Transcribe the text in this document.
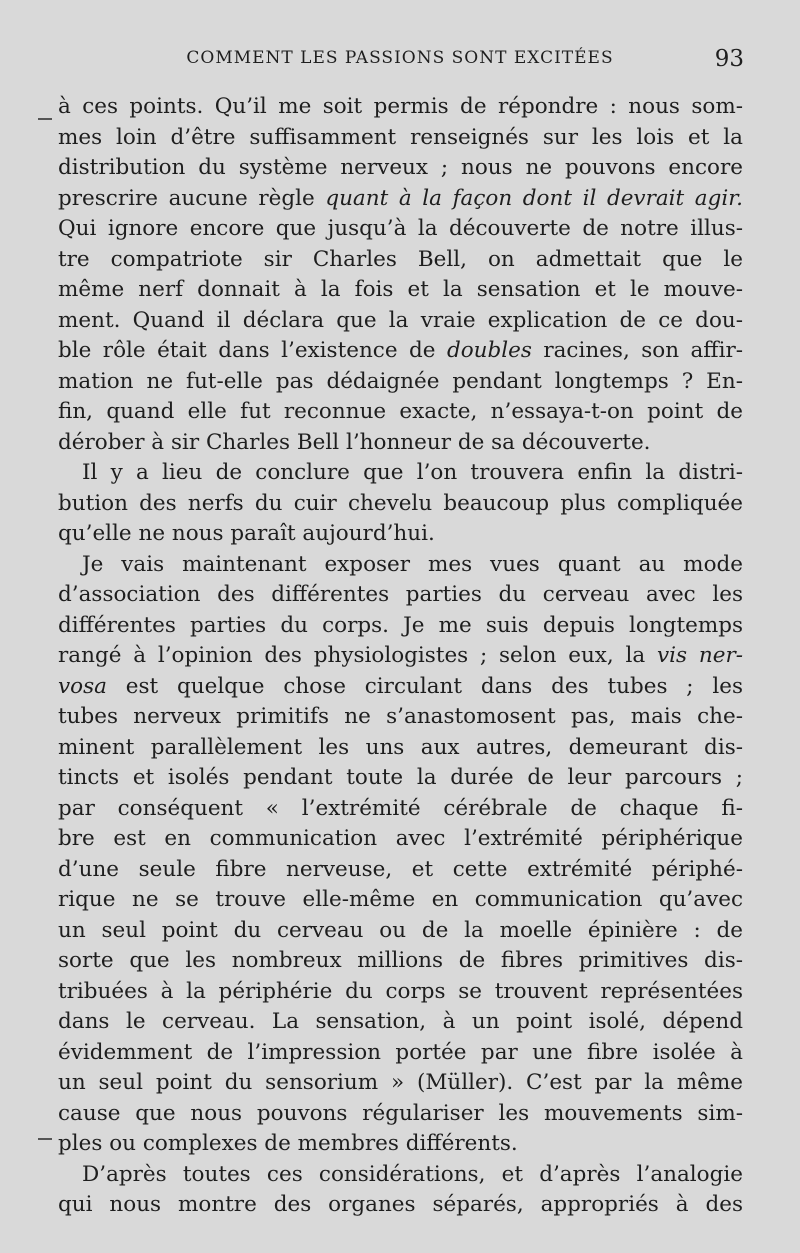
COMMENT LES PASSIONS SONT EXCITÉES	93
à ces points. Qu’il me soit permis de répondre : nous som-
mes loin d’être suffisamment renseignés sur les lois et la
distribution du système nerveux ; nous ne pouvons encore
prescrire aucune règle quant à la façon dont il devrait agir.
Qui ignore encore que jusqu’à la découverte de notre illus-
tre compatriote sir Charles Bell, on admettait que le
même nerf donnait à la fois et la sensation et le mouve-
ment. Quand il déclara que la vraie explication de ce dou-
ble rôle était dans l’existence de doubles racines, son affir-
mation ne fut-elle pas dédaignée pendant longtemps ? En-
fin, quand elle fut reconnue exacte, n’essaya-t-on point de
dérober à sir Charles Bell l’honneur de sa découverte.
Il y a lieu de conclure que l’on trouvera enfin la distri-
bution des nerfs du cuir chevelu beaucoup plus compliquée
qu’elle ne nous paraît aujourd’hui.
Je vais maintenant exposer mes vues quant au mode
d’association des différentes parties du cerveau avec les
différentes parties du corps. Je me suis depuis longtemps
rangé à l’opinion des physiologistes ; selon eux, la vis ner-
vosa est quelque chose circulant dans des tubes ; les
tubes nerveux primitifs ne s’anastomosent pas, mais che-
minent parallèlement les uns aux autres, demeurant dis-
tincts et isolés pendant toute la durée de leur parcours ;
par conséquent « l’extrémité cérébrale de chaque fi-
bre est en communication avec l’extrémité périphérique
d’une seule fibre nerveuse, et cette extrémité périphé-
rique ne se trouve elle-même en communication qu’avec
un seul point du cerveau ou de la moelle épinière : de
sorte que les nombreux millions de fibres primitives dis-
tribuées à la périphérie du corps se trouvent représentées
dans le cerveau. La sensation, à un point isolé, dépend
évidemment de l’impression portée par une fibre isolée à
un seul point du sensorium » (Müller). C’est par la même
cause que nous pouvons régulariser les mouvements sim-
ples ou complexes de membres différents.
D’après toutes ces considérations, et d’après l’analogie
qui nous montre des organes séparés, appropriés à des
